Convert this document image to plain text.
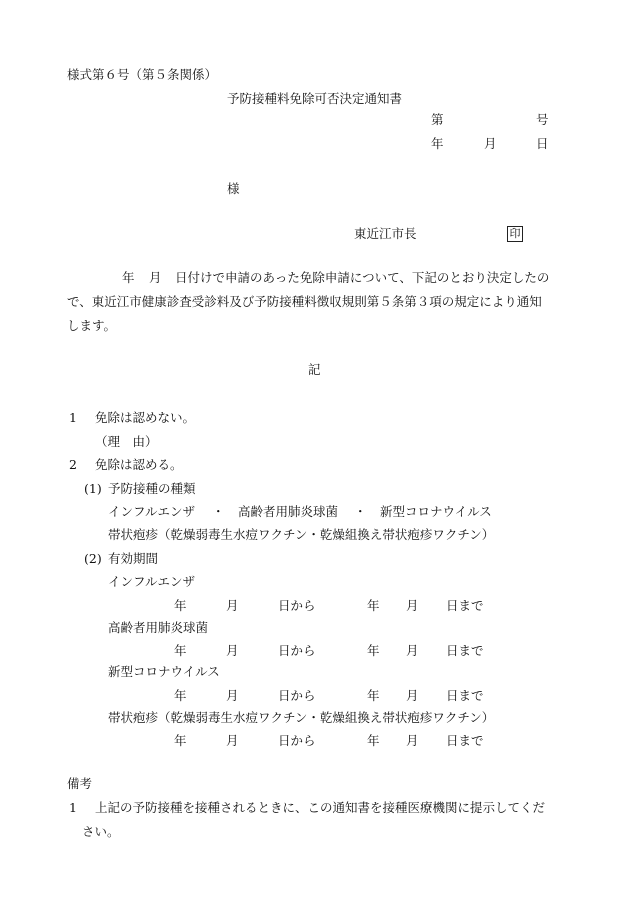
様式第６号（第５条関係）
予防接種料免除可否決定通知書
第	号
年	月	日
様
東近江市長	印
年 月 日付けで申請のあった免除申請について、下記のとおり決定したの
で、東近江市健康診査受診料及び予防接種料徴収規則第５条第３項の規定により通知
します。
記
1 免除は認めない。
（理　由）
2 免除は認める。
(1) 予防接種の種類
インフルエンザ ・ 高齢者用肺炎球菌 ・ 新型コロナウイルス
帯状疱疹（乾燥弱毒生水痘ワクチン・乾燥組換え帯状疱疹ワクチン）
(2) 有効期間
インフルエンザ
年	月	日から	年 月 日まで
高齢者用肺炎球菌
年	月	日から	年 月 日まで
新型コロナウイルス
年	月	日から	年 月 日まで
帯状疱疹（乾燥弱毒生水痘ワクチン・乾燥組換え帯状疱疹ワクチン）
年	月	日から	年 月 日まで
備考
1 上記の予防接種を接種されるときに、この通知書を接種医療機関に提示してくだ
さい。
